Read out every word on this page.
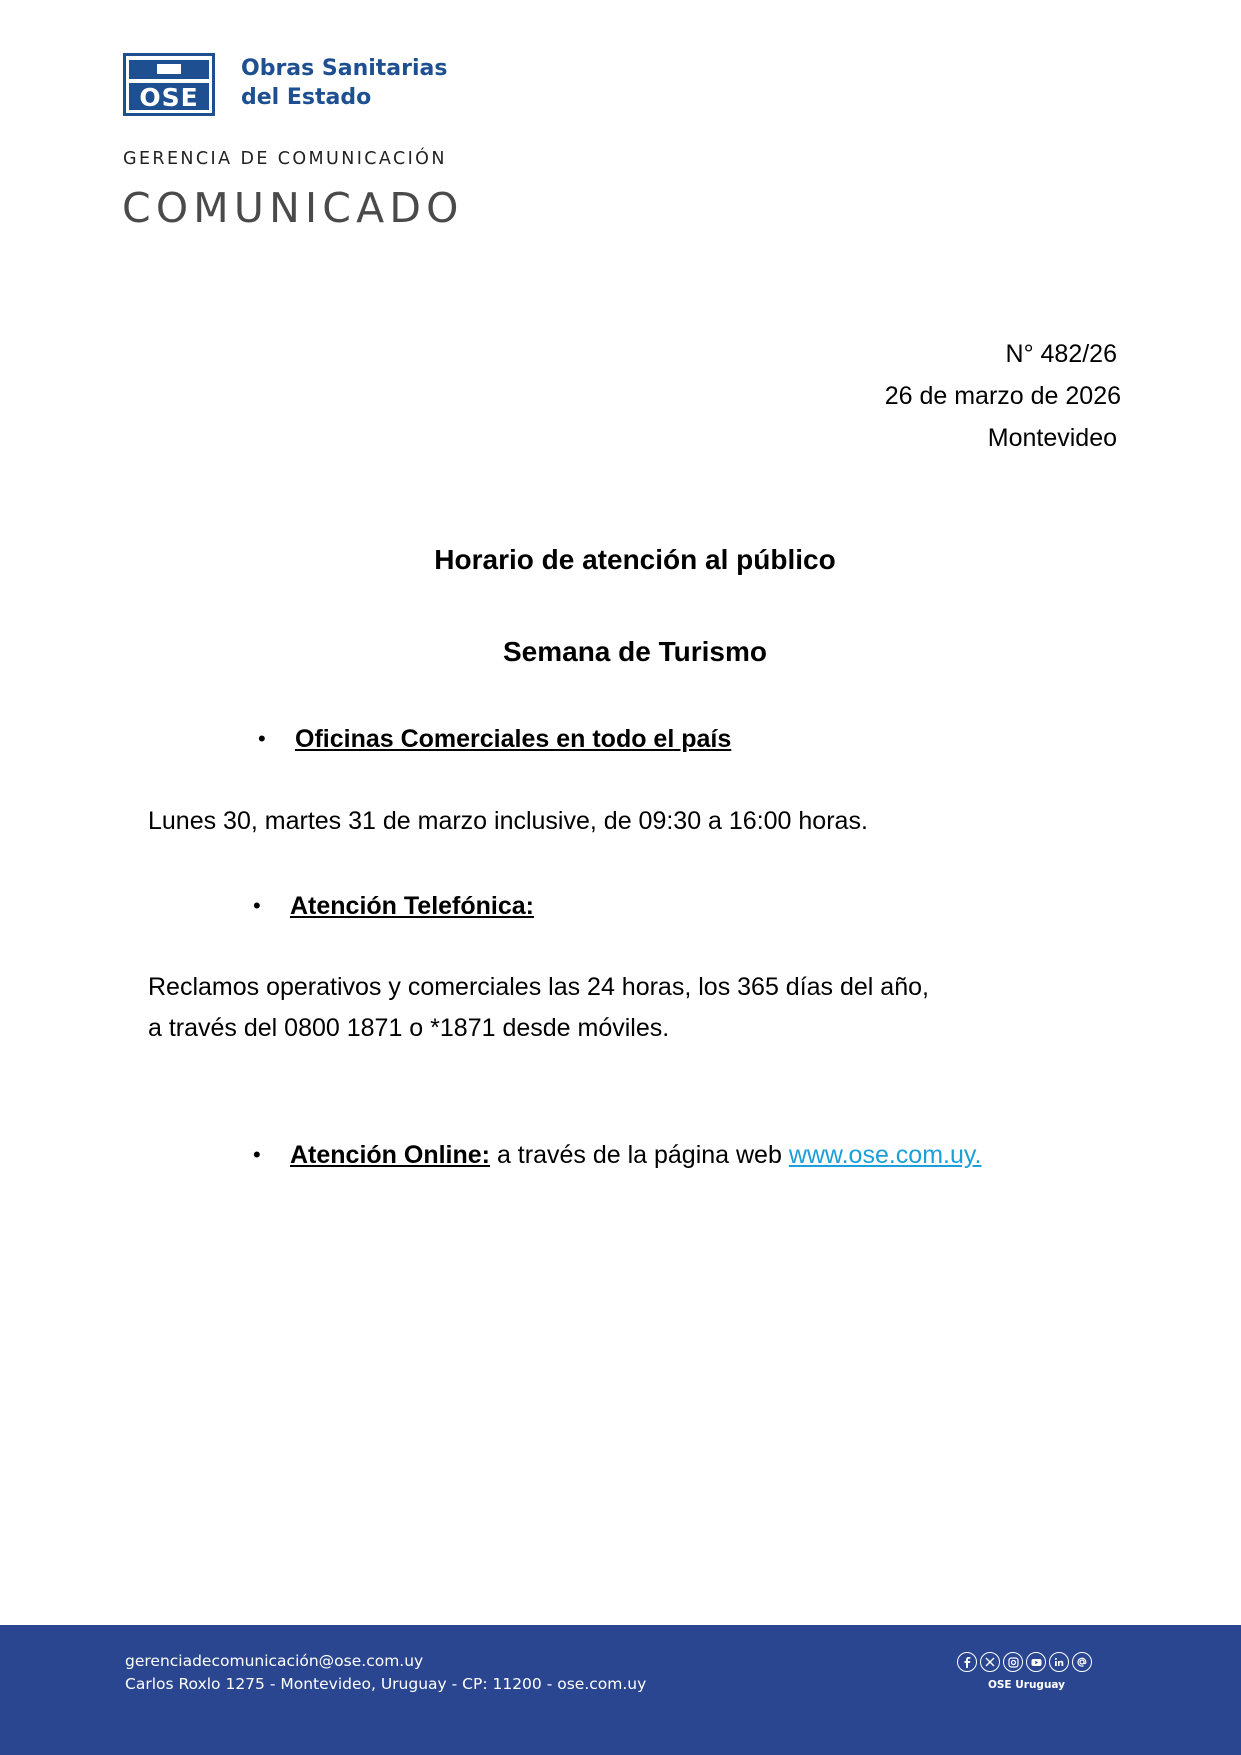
OSE
Obras Sanitarias
del Estado
GERENCIA DE COMUNICACIÓN
COMUNICADO
N° 482/26
26 de marzo de 2026
Montevideo
Horario de atención al público
Semana de Turismo
• Oficinas Comerciales en todo el país
Lunes 30, martes 31 de marzo inclusive, de 09:30 a 16:00 horas.
• Atención Telefónica:
Reclamos operativos y comerciales las 24 horas, los 365 días del año,
a través del 0800 1871 o *1871 desde móviles.
• Atención Online: a través de la página web www.ose.com.uy.
gerenciadecomunicación@ose.com.uy
Carlos Roxlo 1275 - Montevideo, Uruguay - CP: 11200 - ose.com.uy	OSE Uruguay
